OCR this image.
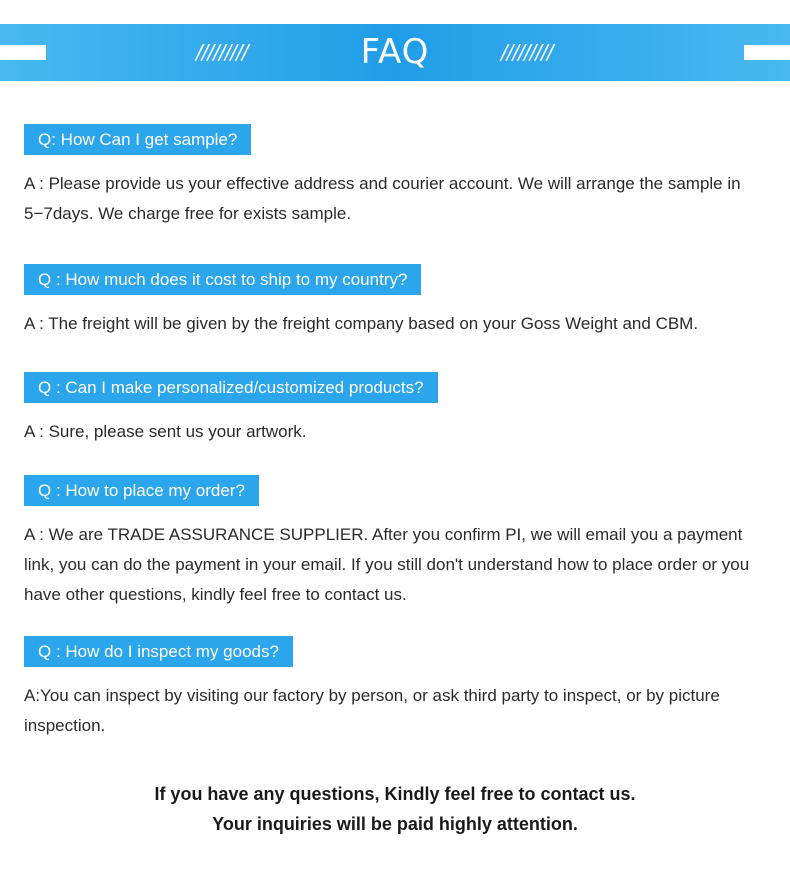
/////////	FAQ	/////////
Q: How Can I get sample?
A : Please provide us your effective address and courier account. We will arrange the sample in 5−7days. We charge free for exists sample.
Q : How much does it cost to ship to my country?
A : The freight will be given by the freight company based on your Goss Weight and CBM.
Q : Can I make personalized/customized products?
A : Sure, please sent us your artwork.
Q : How to place my order?
A : We are TRADE ASSURANCE SUPPLIER. After you confirm PI, we will email you a payment link, you can do the payment in your email. If you still don't understand how to place order or you have other questions, kindly feel free to contact us.
Q : How do I inspect my goods?
A:You can inspect by visiting our factory by person, or ask third party to inspect, or by picture inspection.
If you have any questions, Kindly feel free to contact us.
Your inquiries will be paid highly attention.
